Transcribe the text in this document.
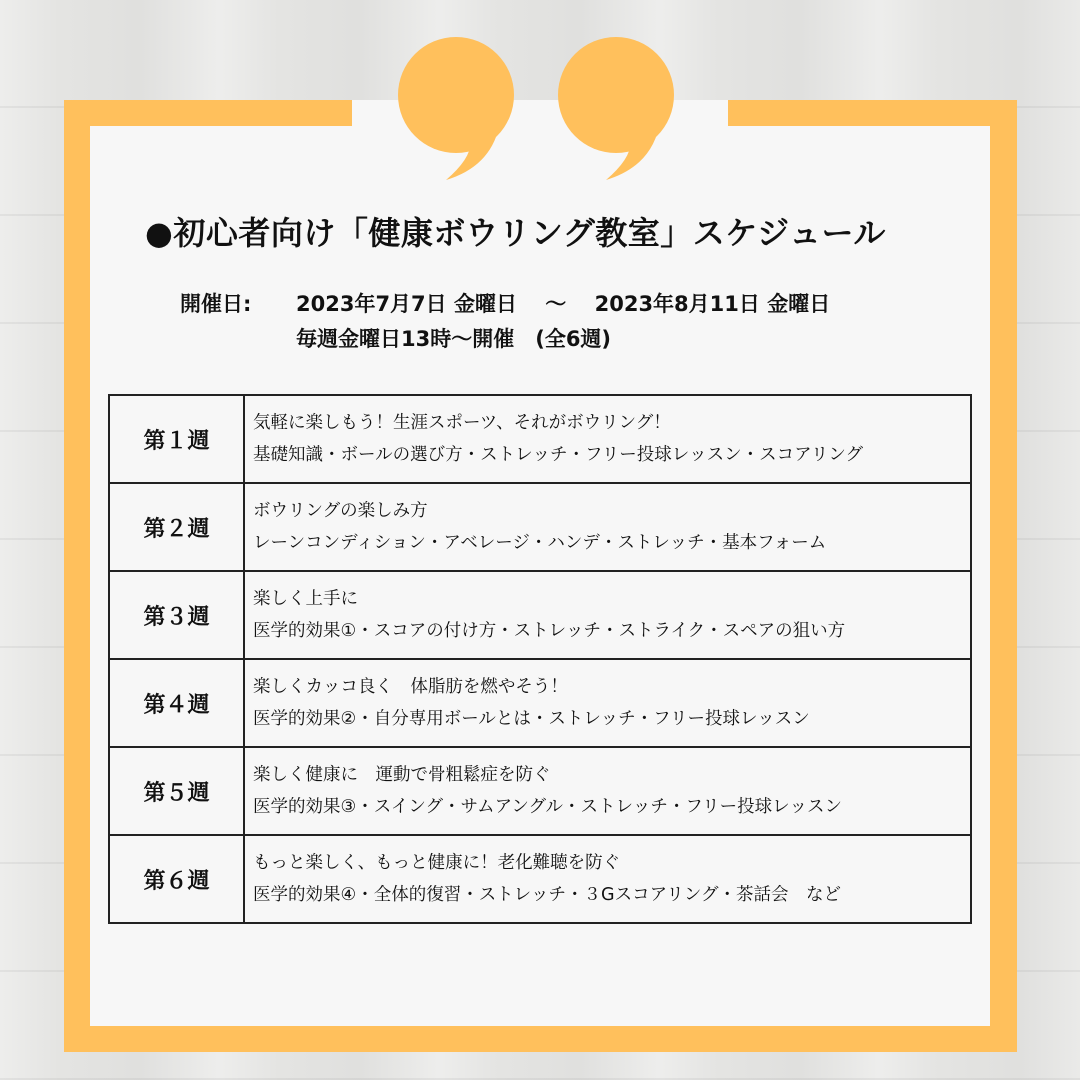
●初心者向け「健康ボウリング教室」スケジュール
開催日: 2023年7月7日 金曜日　 〜　 2023年8月11日 金曜日
毎週金曜日13時〜開催　(全6週)
第１週	気軽に楽しもう！生涯スポーツ、それがボウリング！
基礎知識・ボールの選び方・ストレッチ・フリー投球レッスン・スコアリング

第２週	ボウリングの楽しみ方
レーンコンディション・アベレージ・ハンデ・ストレッチ・基本フォーム

第３週	楽しく上手に
医学的効果①・スコアの付け方・ストレッチ・ストライク・スペアの狙い方

第４週	楽しくカッコ良く　体脂肪を燃やそう！
医学的効果②・自分専用ボールとは・ストレッチ・フリー投球レッスン

第５週	楽しく健康に　運動で骨粗鬆症を防ぐ
医学的効果③・スイング・サムアングル・ストレッチ・フリー投球レッスン

第６週	もっと楽しく、もっと健康に！老化難聴を防ぐ
医学的効果④・全体的復習・ストレッチ・３Gスコアリング・茶話会　など
